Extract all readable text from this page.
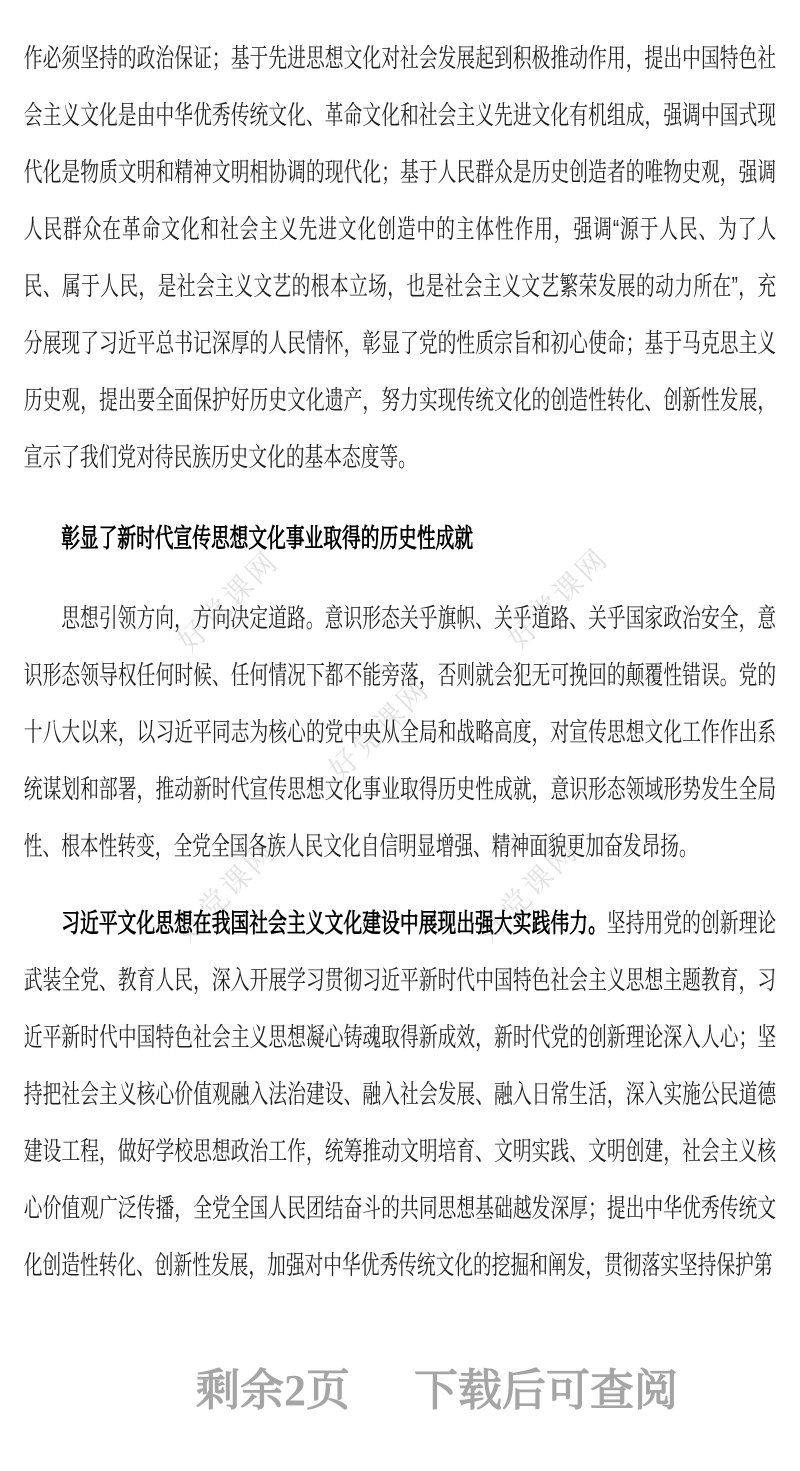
作必须坚持的政治保证；基于先进思想文化对社会发展起到积极推动作用，提出中国特色社会主义文化是由中华优秀传统文化、革命文化和社会主义先进文化有机组成，强调中国式现代化是物质文明和精神文明相协调的现代化；基于人民群众是历史创造者的唯物史观，强调人民群众在革命文化和社会主义先进文化创造中的主体性作用，强调“源于人民、为了人民、属于人民，是社会主义文艺的根本立场，也是社会主义文艺繁荣发展的动力所在”，充分展现了习近平总书记深厚的人民情怀，彰显了党的性质宗旨和初心使命；基于马克思主义历史观，提出要全面保护好历史文化遗产，努力实现传统文化的创造性转化、创新性发展，宣示了我们党对待民族历史文化的基本态度等。

彰显了新时代宣传思想文化事业取得的历史性成就

思想引领方向，方向决定道路。意识形态关乎旗帜、关乎道路、关乎国家政治安全，意识形态领导权任何时候、任何情况下都不能旁落，否则就会犯无可挽回的颠覆性错误。党的十八大以来，以习近平同志为核心的党中央从全局和战略高度，对宣传思想文化工作作出系统谋划和部署，推动新时代宣传思想文化事业取得历史性成就，意识形态领域形势发生全局性、根本性转变，全党全国各族人民文化自信明显增强、精神面貌更加奋发昂扬。

习近平文化思想在我国社会主义文化建设中展现出强大实践伟力。坚持用党的创新理论武装全党、教育人民，深入开展学习贯彻习近平新时代中国特色社会主义思想主题教育，习近平新时代中国特色社会主义思想凝心铸魂取得新成效，新时代党的创新理论深入人心；坚持把社会主义核心价值观融入法治建设、融入社会发展、融入日常生活，深入实施公民道德建设工程，做好学校思想政治工作，统筹推动文明培育、文明实践、文明创建，社会主义核心价值观广泛传播，全党全国人民团结奋斗的共同思想基础越发深厚；提出中华优秀传统文化创造性转化、创新性发展，加强对中华优秀传统文化的挖掘和阐发，贯彻落实坚持保护第

好党课网	好党课网
好党课网
好党课网	好党课网
剩余2页 下载后可查阅
